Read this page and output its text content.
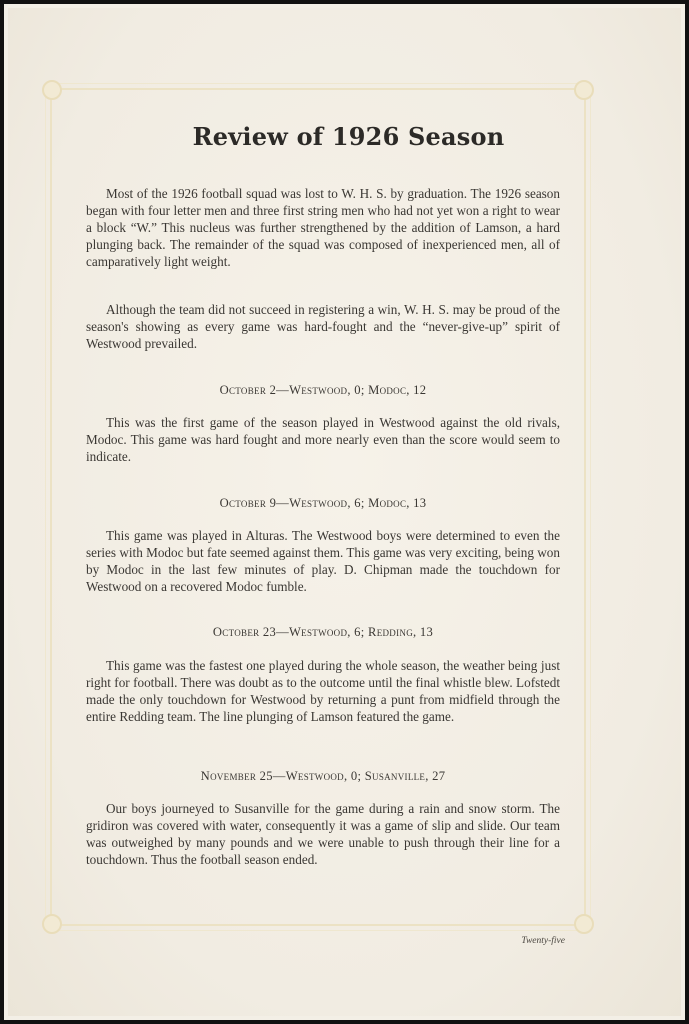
Review of 1926 Season

Most of the 1926 football squad was lost to W. H. S. by graduation. The 1926 season began with four letter men and three first string men who had not yet won a right to wear a block “W.” This nucleus was further strengthened by the addition of Lamson, a hard plunging back. The remainder of the squad was composed of inexperienced men, all of camparatively light weight.

Although the team did not succeed in registering a win, W. H. S. may be proud of the season's showing as every game was hard-fought and the “never-give-up” spirit of Westwood prevailed.

October 2—Westwood, 0; Modoc, 12

This was the first game of the season played in Westwood against the old rivals, Modoc. This game was hard fought and more nearly even than the score would seem to indicate.

October 9—Westwood, 6; Modoc, 13

This game was played in Alturas. The Westwood boys were determined to even the series with Modoc but fate seemed against them. This game was very exciting, being won by Modoc in the last few minutes of play. D. Chipman made the touchdown for Westwood on a recovered Modoc fumble.

October 23—Westwood, 6; Redding, 13

This game was the fastest one played during the whole season, the weather being just right for football. There was doubt as to the outcome until the final whistle blew. Lofstedt made the only touchdown for Westwood by returning a punt from midfield through the entire Redding team. The line plunging of Lamson featured the game.

November 25—Westwood, 0; Susanville, 27

Our boys journeyed to Susanville for the game during a rain and snow storm. The gridiron was covered with water, consequently it was a game of slip and slide. Our team was outweighed by many pounds and we were unable to push through their line for a touchdown. Thus the football season ended.

Twenty-five
